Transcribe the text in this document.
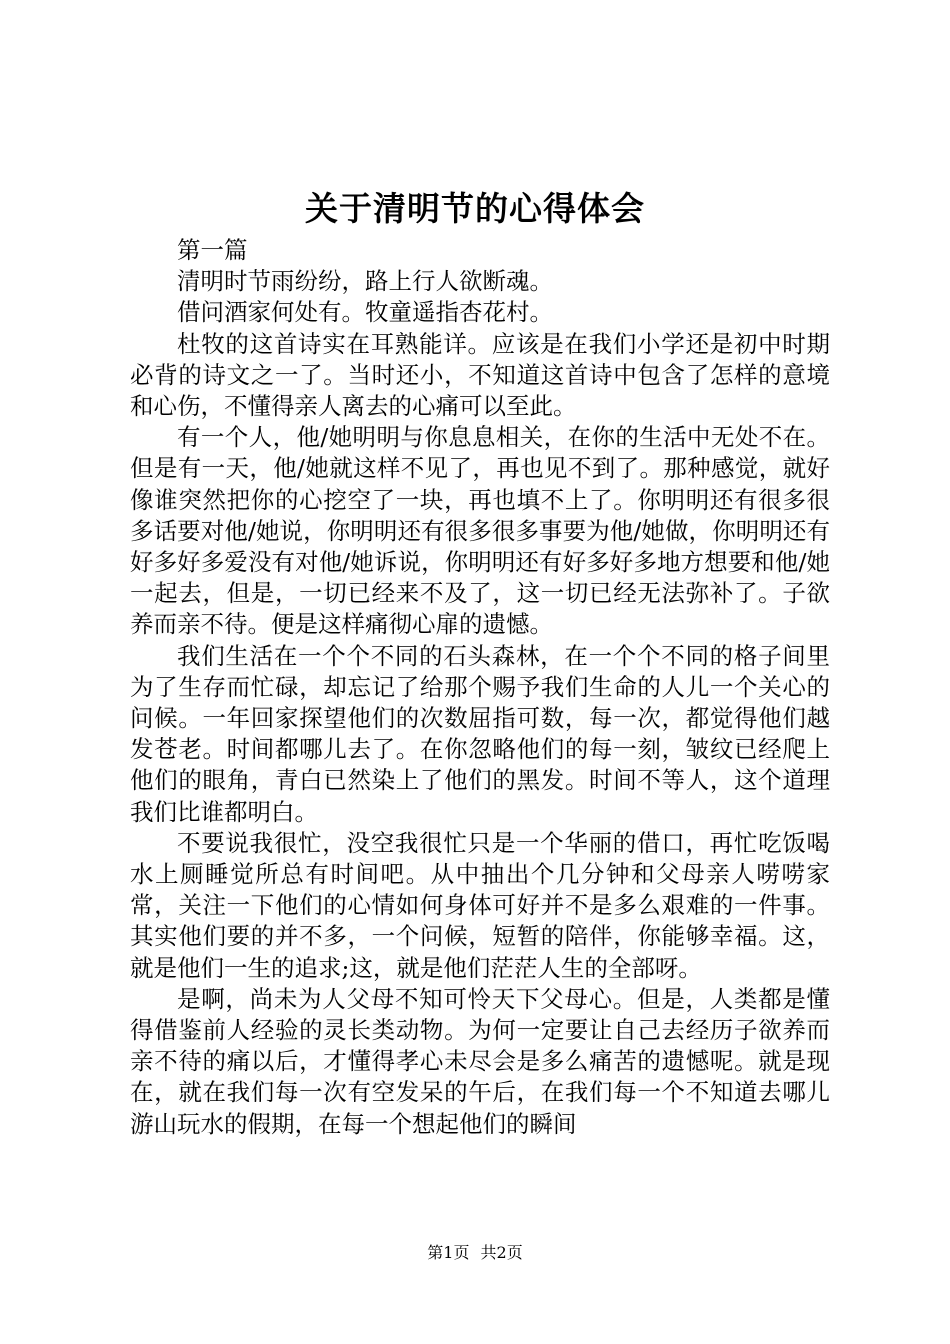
关于清明节的心得体会

第一篇

清明时节雨纷纷，路上行人欲断魂。

借问酒家何处有。牧童遥指杏花村。

杜牧的这首诗实在耳熟能详。应该是在我们小学还是初中时期必背的诗文之一了。当时还小，不知道这首诗中包含了怎样的意境和心伤，不懂得亲人离去的心痛可以至此。

有一个人，他/她明明与你息息相关，在你的生活中无处不在。但是有一天，他/她就这样不见了，再也见不到了。那种感觉，就好像谁突然把你的心挖空了一块，再也填不上了。你明明还有很多很多话要对他/她说，你明明还有很多很多事要为他/她做，你明明还有好多好多爱没有对他/她诉说，你明明还有好多好多地方想要和他/她一起去，但是，一切已经来不及了，这一切已经无法弥补了。子欲养而亲不待。便是这样痛彻心扉的遗憾。

我们生活在一个个不同的石头森林，在一个个不同的格子间里为了生存而忙碌，却忘记了给那个赐予我们生命的人儿一个关心的问候。一年回家探望他们的次数屈指可数，每一次，都觉得他们越发苍老。时间都哪儿去了。在你忽略他们的每一刻，皱纹已经爬上他们的眼角，青白已然染上了他们的黑发。时间不等人，这个道理我们比谁都明白。

不要说我很忙，没空我很忙只是一个华丽的借口，再忙吃饭喝水上厕睡觉所总有时间吧。从中抽出个几分钟和父母亲人唠唠家常，关注一下他们的心情如何身体可好并不是多么艰难的一件事。其实他们要的并不多，一个问候，短暂的陪伴，你能够幸福。这，就是他们一生的追求;这，就是他们茫茫人生的全部呀。

是啊，尚未为人父母不知可怜天下父母心。但是，人类都是懂得借鉴前人经验的灵长类动物。为何一定要让自己去经历子欲养而亲不待的痛以后，才懂得孝心未尽会是多么痛苦的遗憾呢。就是现在，就在我们每一次有空发呆的午后，在我们每一个不知道去哪儿游山玩水的假期，在每一个想起他们的瞬间

第1页 共2页
